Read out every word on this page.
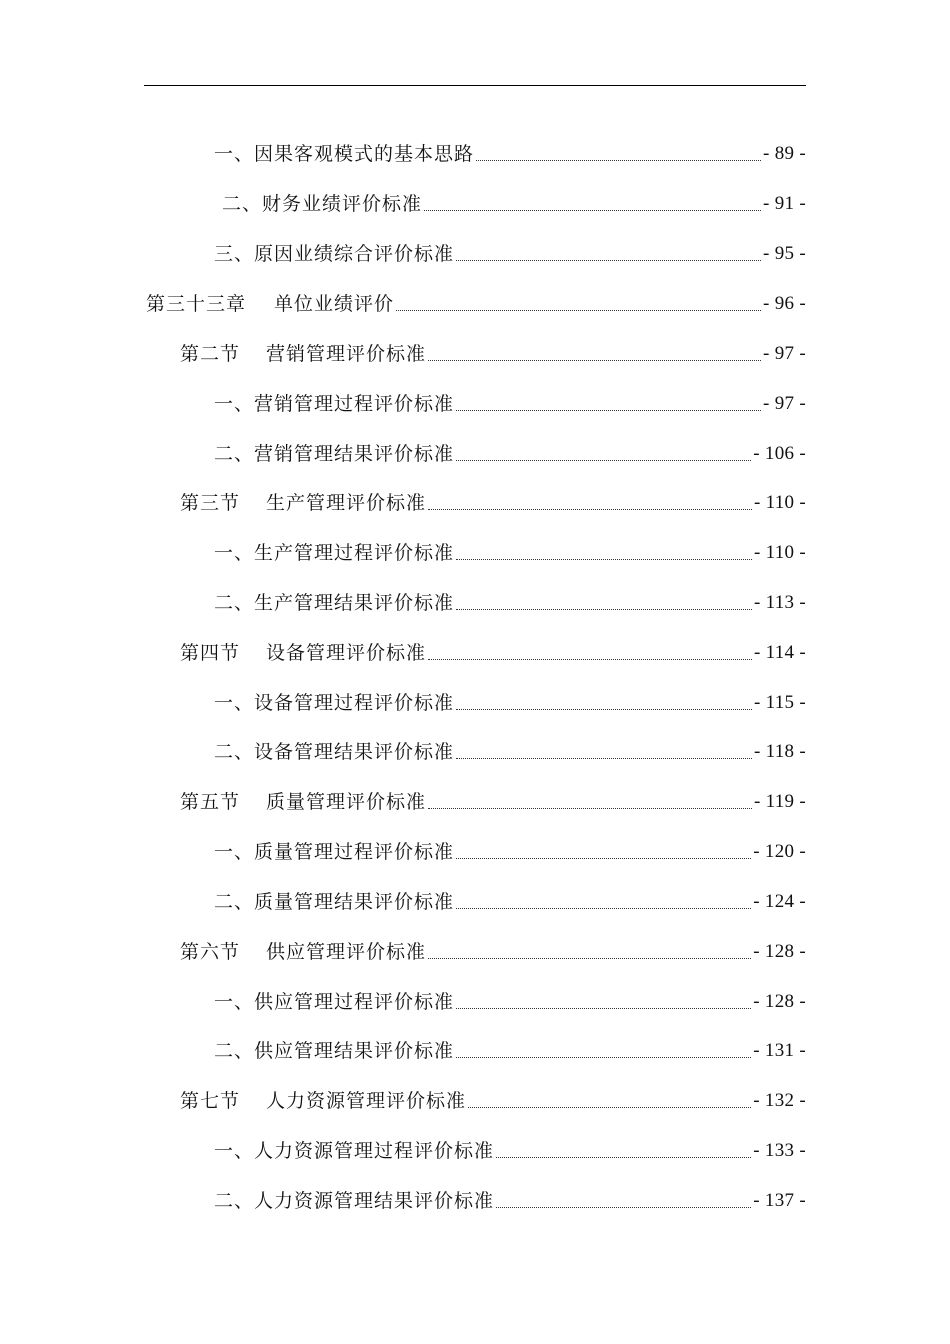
一、因果客观模式的基本思路	- 89 -
二、财务业绩评价标准	- 91 -
三、原因业绩综合评价标准	- 95 -
第三十三章 单位业绩评价	- 96 -
第二节 营销管理评价标准	- 97 -
一、营销管理过程评价标准	- 97 -
二、营销管理结果评价标准	- 106 -
第三节 生产管理评价标准	- 110 -
一、生产管理过程评价标准	- 110 -
二、生产管理结果评价标准	- 113 -
第四节 设备管理评价标准	- 114 -
一、设备管理过程评价标准	- 115 -
二、设备管理结果评价标准	- 118 -
第五节 质量管理评价标准	- 119 -
一、质量管理过程评价标准	- 120 -
二、质量管理结果评价标准	- 124 -
第六节 供应管理评价标准	- 128 -
一、供应管理过程评价标准	- 128 -
二、供应管理结果评价标准	- 131 -
第七节 人力资源管理评价标准	- 132 -
一、人力资源管理过程评价标准	- 133 -
二、人力资源管理结果评价标准	- 137 -
